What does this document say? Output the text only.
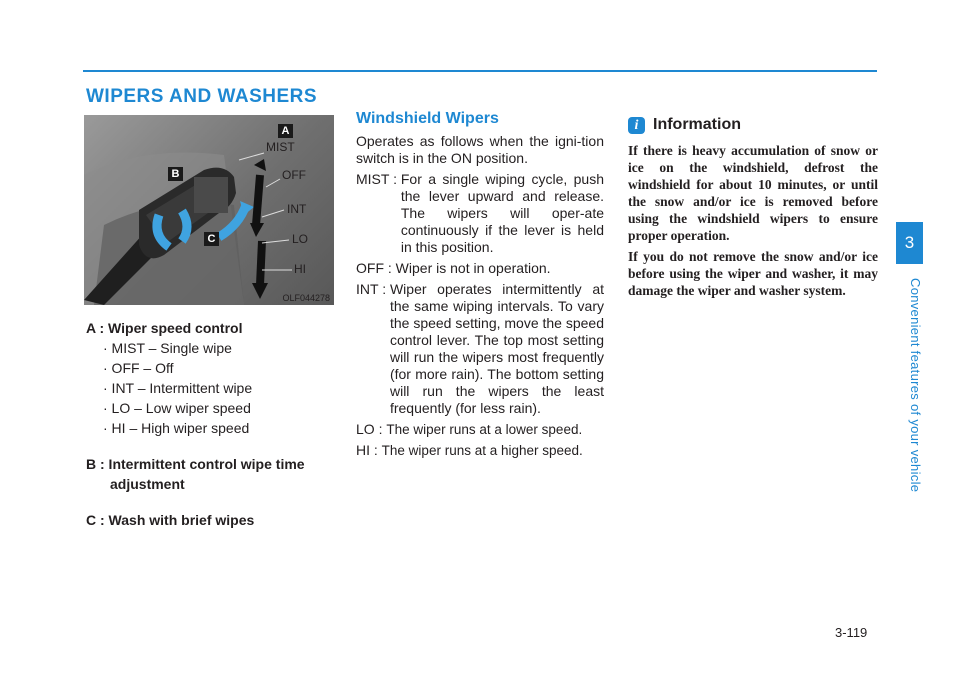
WIPERS AND WASHERS
A
B
C
MIST
OFF
INT
LO
HI
OLF044278
A : Wiper speed control
· MIST – Single wipe
· OFF – Off
· INT – Intermittent wipe
· LO – Low wiper speed
· HI – High wiper speed
B : Intermittent control wipe time
adjustment
C : Wash with brief wipes
Windshield Wipers

Operates as follows when the igni-tion switch is in the ON position.

MIST : For a single wiping cycle, push the lever upward and release. The wipers will oper-ate continuously if the lever is held in this position.
OFF : Wiper is not in operation.
INT : Wiper operates intermittently at the same wiping intervals. To vary the speed setting, move the speed control lever. The top most setting will run the wipers most frequently (for more rain). The bottom setting will run the wipers the least frequently (for less rain).
LO : The wiper runs at a lower speed.
HI : The wiper runs at a higher speed.
i Information

If there is heavy accumulation of snow or ice on the windshield, defrost the windshield for about 10 minutes, or until the snow and/or ice is removed before using the windshield wipers to ensure proper operation.

If you do not remove the snow and/or ice before using the wiper and washer, it may damage the wiper and washer system.

3
Convenient features of your vehicle
3-119
